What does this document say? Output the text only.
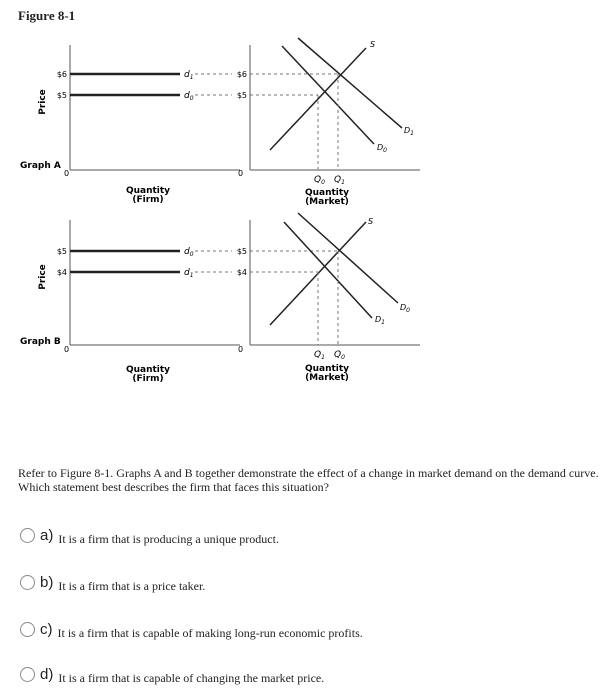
Figure 8-1
Price
$6
$5
$d_1$
$d_0$
$6
$5
Graph A
0	0
Quantity
(Firm)
$Q_0$ $Q_1$
Quantity
(Market)
S
$D_0$
$D_1$
Price
$5
$4
$d_0$
$d_1$
$5
$4
Graph B
0	0
Quantity
(Firm)
$Q_1$ $Q_0$
Quantity
(Market)
S
$D_0$
$D_1$
Refer to Figure 8-1. Graphs A and B together demonstrate the effect of a change in market demand on the demand curve. Which statement best describes the firm that faces this situation?
a) It is a firm that is producing a unique product.
b) It is a firm that is a price taker.
c) It is a firm that is capable of making long-run economic profits.
d) It is a firm that is capable of changing the market price.
